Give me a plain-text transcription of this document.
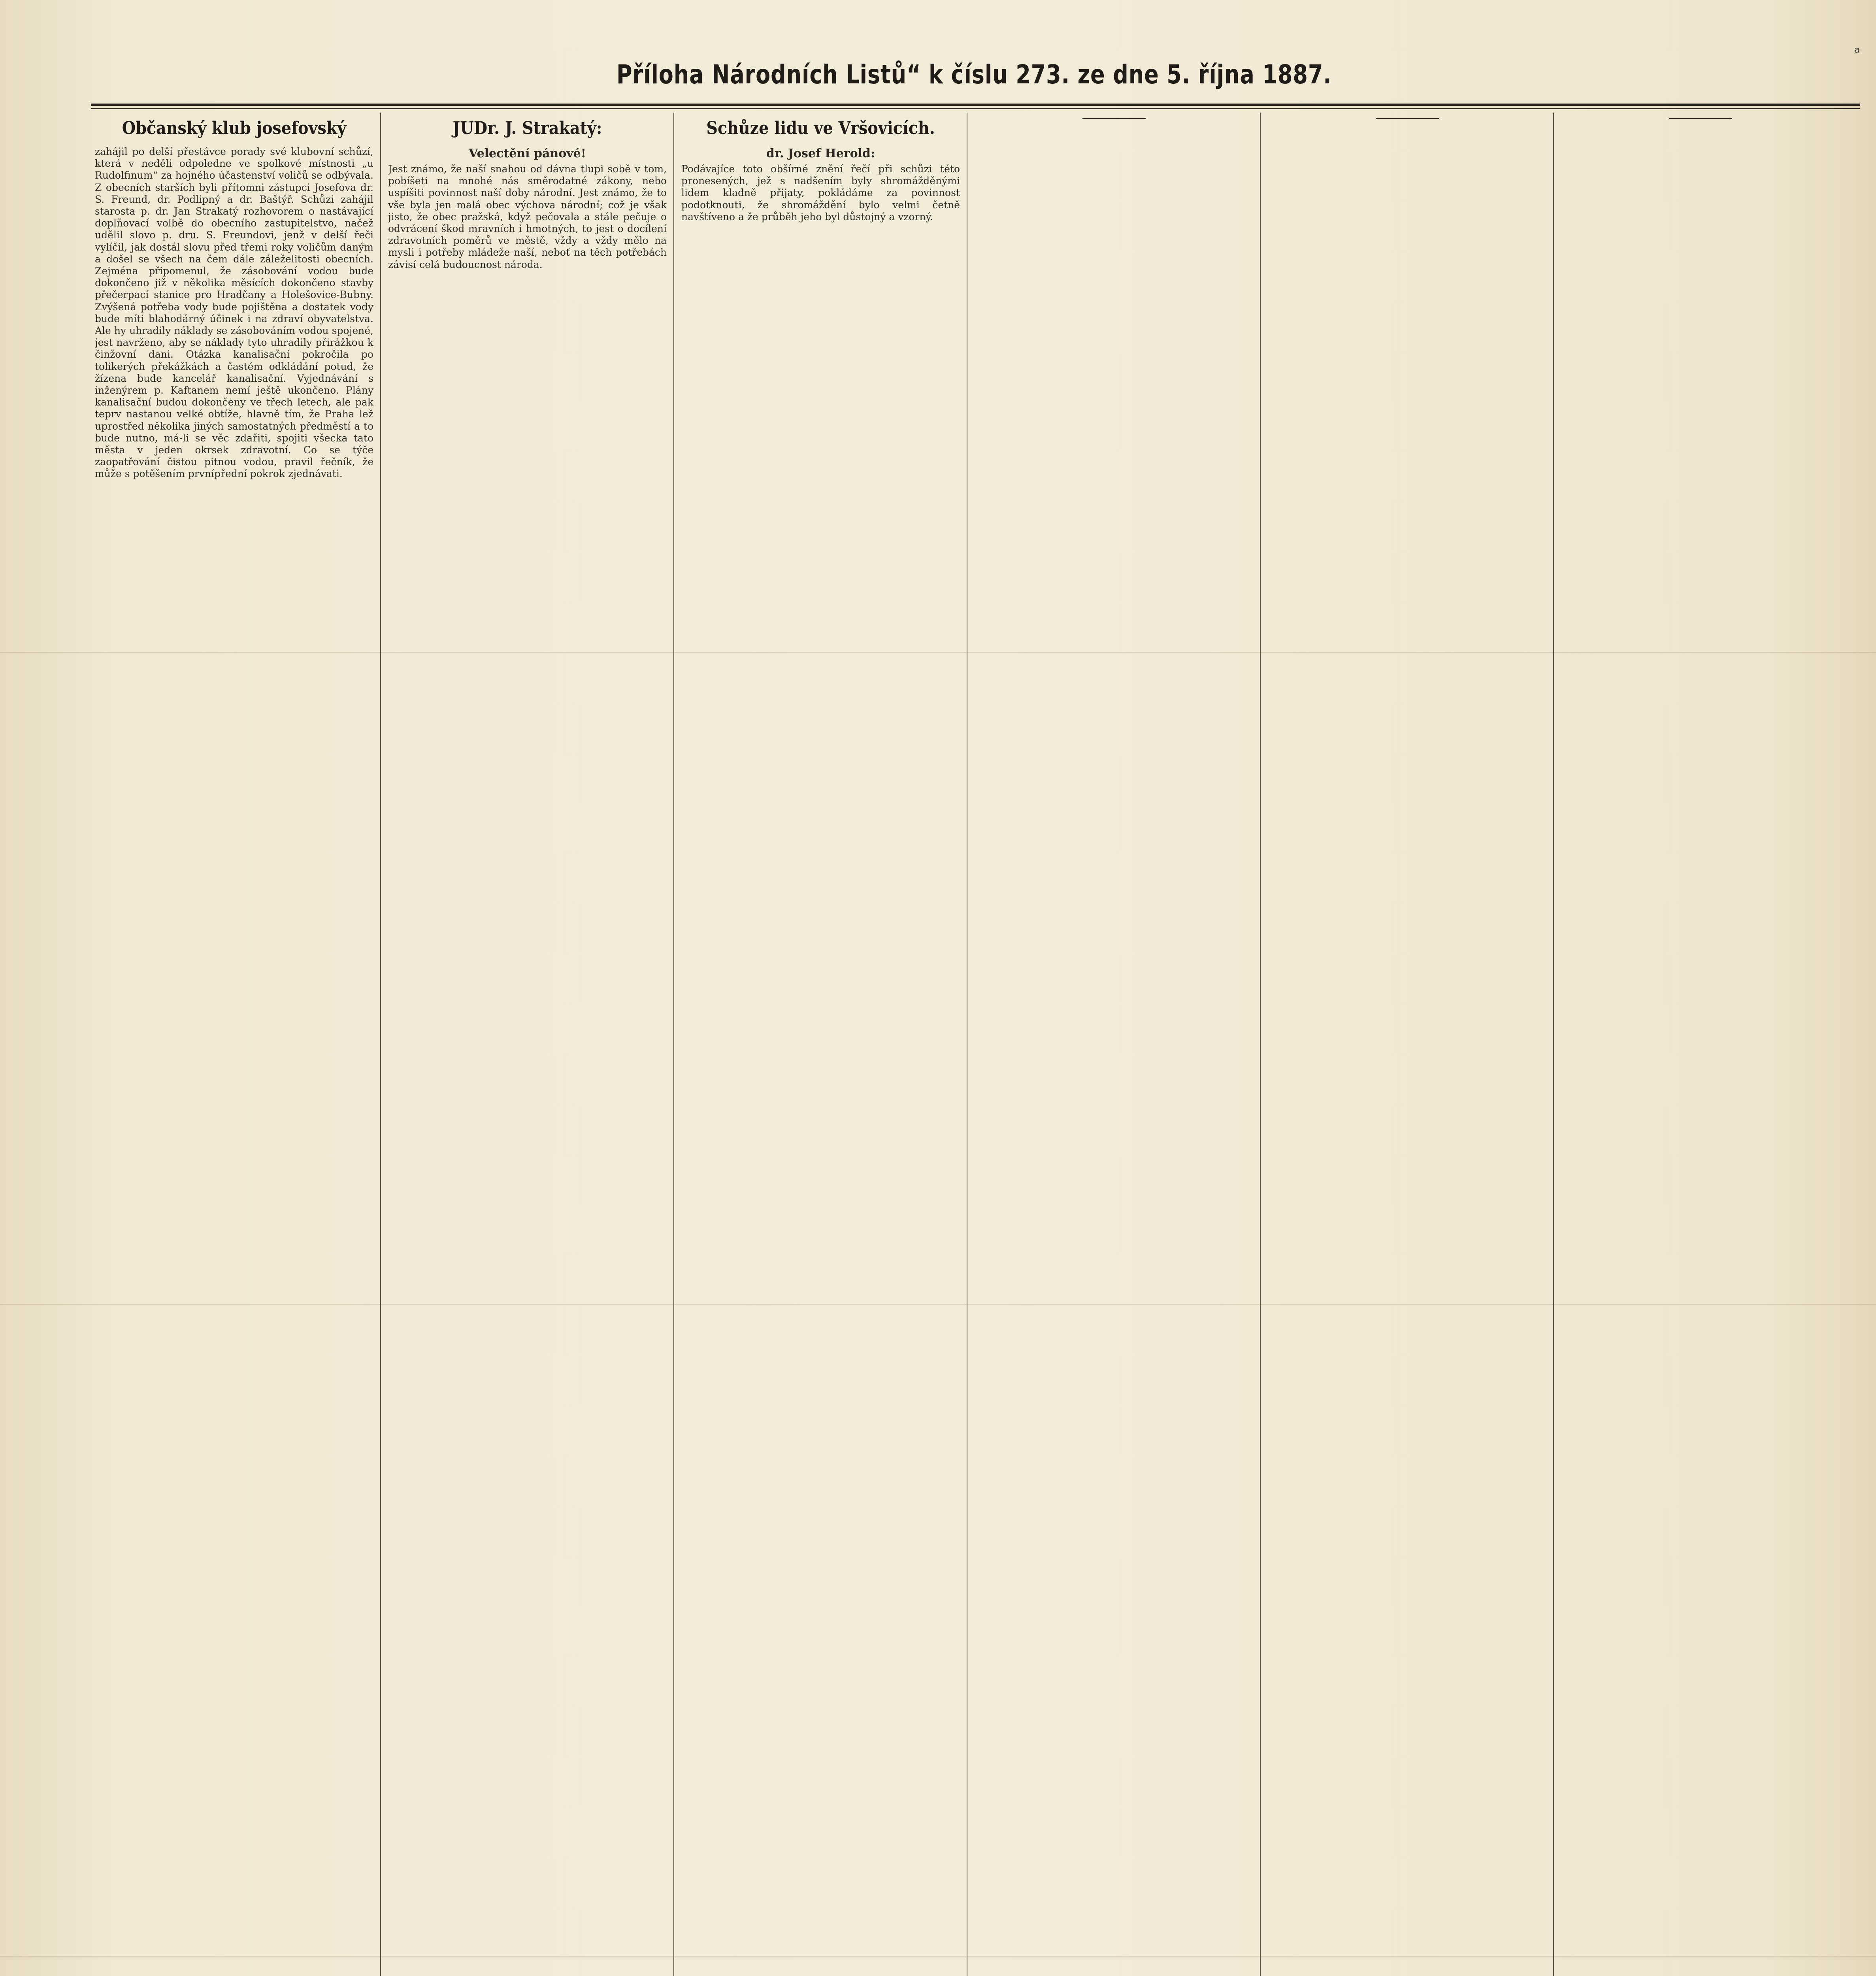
Příloha Národních Listů“ k číslu 273. ze dne 5. října 1887.
ᵃ
Občanský klub josefovský

zahájil po delší přestávce porady své klubovní schůzí, která v neděli odpoledne ve spolkové místnosti „u Rudolfinum“ za hojného účastenství voličů se odbývala. Z obecních starších byli přítomni zástupci Josefova dr. S. Freund, dr. Podlipný a dr. Baštýř. Schůzi zahájil starosta p. dr. Jan Strakatý rozhovorem o nastávající doplňovací volbě do obecního zastupitelstvo, načež udělil slovo p. dru. S. Freundovi, jenž v delší řeči vylíčil, jak dostál slovu před třemi roky voličům daným a došel se všech na čem dále záleželitosti obecních. Zejména připomenul, že zásobování vodou bude dokončeno již v několika měsících dokončeno stavby přečerpací stanice pro Hradčany a Holešovice-Bubny. Zvýšená potřeba vody bude pojištěna a dostatek vody bude míti blahodárný účinek i na zdraví obyvatelstva. Ale hy uhradily náklady se zásobováním vodou spojené, jest navrženo, aby se náklady tyto uhradily přirážkou k činžovní dani. Otázka kanalisační pokročila po tolikerých překážkách a častém odkládání potud, že žízena bude kancelář kanalisační. Vyjednávání s inženýrem p. Kaftanem nemí ještě ukončeno. Plány kanalisační budou dokončeny ve třech letech, ale pak teprv nastanou velké obtíže, hlavně tím, že Praha lež uprostřed několika jiných samostatných předměstí a to bude nutno, má-li se věc zdařiti, spojiti všecka tato města v jeden okrsek zdravotní. Co se týče zaopatřování čistou pitnou vodou, pravil řečník, že může s potěšením prvnípřední pokrok zjednávati.

JUDr. J. Strakatý:
Velectění pánové!

Jest známo, že naší snahou od dávna tlupi sobě v tom, pobíšeti na mnohé nás směrodatné zákony, nebo uspíšiti povinnost naší doby národní. Jest známo, že to vše byla jen malá obec výchova národní; což je však jisto, že obec pražská, když pečovala a stále pečuje o odvrácení škod mravních i hmotných, to jest o docílení zdravotních poměrů ve městě, vždy a vždy mělo na mysli i potřeby mládeže naší, neboť na těch potřebách závisí celá budoucnost národa.

Schůze lidu ve Vršovicích.
dr. Josef Herold:

Podávajíce toto obšírné znění řečí při schůzi této pronesených, jež s nadšením byly shromážděnými lidem kladně přijaty, pokládáme za povinnost podotknouti, že shromáždění bylo velmi četně navštíveno a že průběh jeho byl důstojný a vzorný.
